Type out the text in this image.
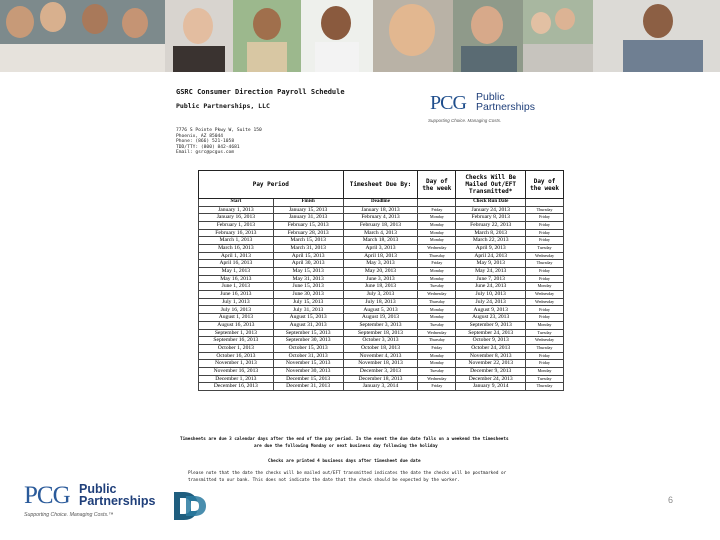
GSRC Consumer Direction Payroll Schedule
Public Partnerships, LLC
7776 S Pointe Pkwy W, Suite 150
Phoenix, AZ 85044
Phone: (866) 521-1058
TDD/TTY: (800) 842-4681
Email: gsrc@pcgus.com
PCG Public
Partnerships
Supporting Choice. Managing Costs.
Pay Period		Timesheet Due By:	Day of the week	Checks Will Be Mailed Out/EFT Transmitted*	Day of the week
Start	Finish	Deadline		Check Run Date	
January 1, 2013	January 15, 2013	January 18, 2013	Friday	January 24, 2013	Thursday
January 16, 2013	January 31, 2013	February 4, 2013	Monday	February 8, 2013	Friday
February 1, 2013	February 15, 2013	February 18, 2013	Monday	February 22, 2013	Friday
February 16, 2013	February 28, 2013	March 4, 2013	Monday	March 8, 2013	Friday
March 1, 2013	March 15, 2013	March 18, 2013	Monday	March 22, 2013	Friday
March 16, 2013	March 31, 2013	April 3, 2013	Wednesday	April 9, 2013	Tuesday
April 1, 2013	April 15, 2013	April 18, 2013	Thursday	April 24, 2013	Wednesday
April 16, 2013	April 30, 2013	May 3, 2013	Friday	May 9, 2013	Thursday
May 1, 2013	May 15, 2013	May 20, 2013	Monday	May 24, 2013	Friday
May 16, 2013	May 31, 2013	June 3, 2013	Monday	June 7, 2013	Friday
June 1, 2013	June 15, 2013	June 18, 2013	Tuesday	June 24, 2013	Monday
June 16, 2013	June 30, 2013	July 3, 2013	Wednesday	July 10, 2013	Wednesday
July 1, 2013	July 15, 2013	July 18, 2013	Thursday	July 24, 2013	Wednesday
July 16, 2013	July 31, 2013	August 5, 2013	Monday	August 9, 2013	Friday
August 1, 2013	August 15, 2013	August 19, 2013	Monday	August 23, 2013	Friday
August 16, 2013	August 31, 2013	September 3, 2013	Tuesday	September 9, 2013	Monday
September 1, 2013	September 15, 2013	September 18, 2013	Wednesday	September 24, 2013	Tuesday
September 16, 2013	September 30, 2013	October 3, 2013	Thursday	October 9, 2013	Wednesday
October 1, 2013	October 15, 2013	October 18, 2013	Friday	October 24, 2013	Thursday
October 16, 2013	October 31, 2013	November 4, 2013	Monday	November 8, 2013	Friday
November 1, 2013	November 15, 2013	November 18, 2013	Monday	November 22, 2013	Friday
November 16, 2013	November 30, 2013	December 3, 2013	Tuesday	December 9, 2013	Monday
December 1, 2013	December 15, 2013	December 18, 2013	Wednesday	December 24, 2013	Tuesday
December 16, 2013	December 31, 2013	January 3, 2014	Friday	January 9, 2014	Thursday
Timesheets are due 3 calendar days after the end of the pay period. In the event the due date falls on a weekend the timesheets
are due the following Monday or next business day following the holiday
Checks are printed 4 business days after timesheet due date
Please note that the date the checks will be mailed out/EFT transmitted indicates the date the checks will be postmarked or
transmitted to our bank. This does not indicate the date that the check should be expected by the worker.
PCG Public
Partnerships
Supporting Choice. Managing Costs.™
6
